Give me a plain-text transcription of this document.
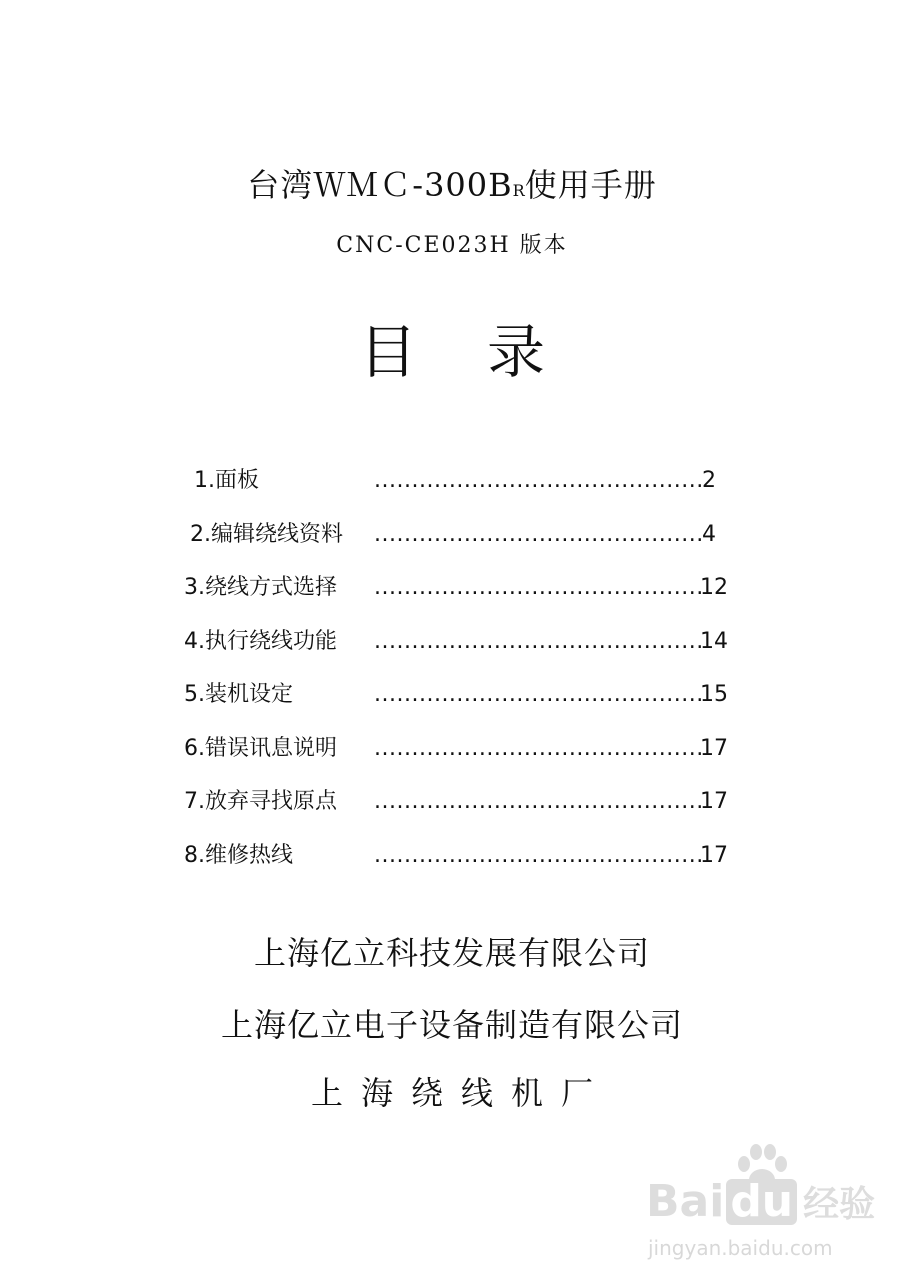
台湾ＷＭＣ-300BR使用手册
CNC-CE023H 版本
目录
1.面板 .....	2
2.编辑绕线资料 .....	4
3.绕线方式选择 .....	12
4.执行绕线功能 .....	14
5.装机设定 .....	15
6.错误讯息说明 .....	17
7.放弃寻找原点 .....	17
8.维修热线 .....	17
上海亿立科技发展有限公司
上海亿立电子设备制造有限公司
上海绕线机厂
Bai du 经验
jingyan.baidu.com
